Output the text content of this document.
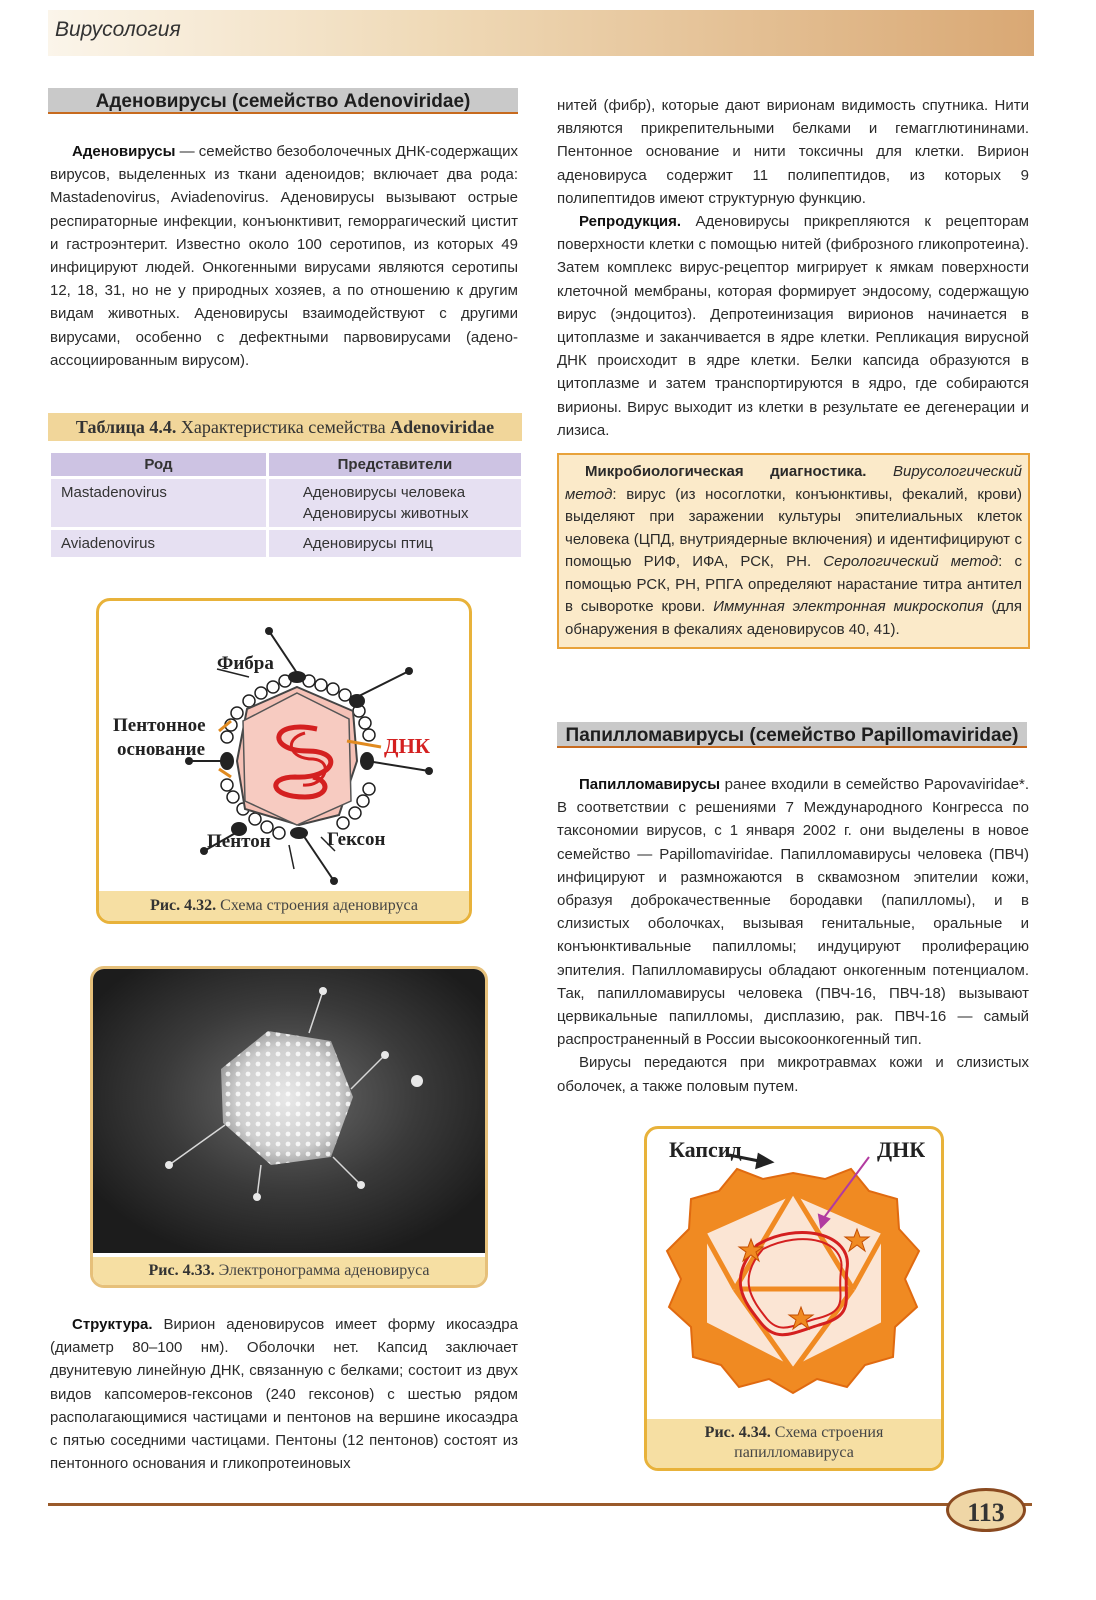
Вирусология
Аденовирусы (семейство Adenoviridae)

Аденовирусы — семейство безоболочечных ДНК-содержащих вирусов, выделенных из ткани аденоидов; включает два рода: Mastadenovirus, Aviadenovirus. Аденовирусы вызывают острые респираторные инфекции, конъюнктивит, геморрагический цистит и гастроэнтерит. Известно около 100 серотипов, из которых 49 инфицируют людей. Онкогенными вирусами являются серотипы 12, 18, 31, но не у природных хозяев, а по отношению к другим видам животных. Аденовирусы взаимодействуют с другими вирусами, особенно с дефектными парвовирусами (адено-ассоциированным вирусом).

Таблица 4.4. Характеристика семейства Adenoviridae
Род	Представители
Mastadenovirus	Аденовирусы человека
Аденовирусы животных

Aviadenovirus	Аденовирусы птиц
Фибра
Пентонное
основание	ДНК
Пентон	Гексон
Рис. 4.32. Схема строения аденовируса
Рис. 4.33. Электронограмма аденовируса

Структура. Вирион аденовирусов имеет форму икосаэдра (диаметр 80–100 нм). Оболочки нет. Капсид заключает двунитевую линейную ДНК, связанную с белками; состоит из двух видов капсомеров-гексонов (240 гексонов) с шестью рядом располагающимися частицами и пентонов на вершине икосаэдра с пятью соседними частицами. Пентоны (12 пентонов) состоят из пентонного основания и гликопротеиновых

нитей (фибр), которые дают вирионам видимость спутника. Нити являются прикрепительными белками и гемагглютининами. Пентонное основание и нити токсичны для клетки. Вирион аденовируса содержит 11 полипептидов, из которых 9 полипептидов имеют структурную функцию.

Репродукция. Аденовирусы прикрепляются к рецепторам поверхности клетки с помощью нитей (фиброзного гликопротеина). Затем комплекс вирус-рецептор мигрирует к ямкам поверхности клеточной мембраны, которая формирует эндосому, содержащую вирус (эндоцитоз). Депротеинизация вирионов начинается в цитоплазме и заканчивается в ядре клетки. Репликация вирусной ДНК происходит в ядре клетки. Белки капсида образуются в цитоплазме и затем транспортируются в ядро, где собираются вирионы. Вирус выходит из клетки в результате ее дегенерации и лизиса.

Микробиологическая диагностика. Вирусологический метод: вирус (из носоглотки, конъюнктивы, фекалий, крови) выделяют при заражении культуры эпителиальных клеток человека (ЦПД, внутриядерные включения) и идентифицируют с помощью РИФ, ИФА, РСК, РН. Серологический метод: с помощью РСК, РН, РПГА определяют нарастание титра антител в сыворотке крови. Иммунная электронная микроскопия (для обнаружения в фекалиях аденовирусов 40, 41).

Папилломавирусы (семейство Papillomaviridae)

Папилломавирусы ранее входили в семейство Papovaviridae*. В соответствии с решениями 7 Международного Конгресса по таксономии вирусов, с 1 января 2002 г. они выделены в новое семейство — Papillomaviridae. Папилломавирусы человека (ПВЧ) инфицируют и размножаются в сквамозном эпителии кожи, образуя доброкачественные бородавки (папилломы), и в слизистых оболочках, вызывая генитальные, оральные и конъюнктивальные папилломы; индуцируют пролиферацию эпителия. Папилломавирусы обладают онкогенным потенциалом. Так, папилломавирусы человека (ПВЧ-16, ПВЧ-18) вызывают цервикальные папилломы, дисплазию, рак. ПВЧ-16 — самый распространенный в России высокоонкогенный тип.

Вирусы передаются при микротравмах кожи и слизистых оболочек, а также половым путем.

Капсид	ДНК
Рис. 4.34. Схема строения
папилломавируса
113
